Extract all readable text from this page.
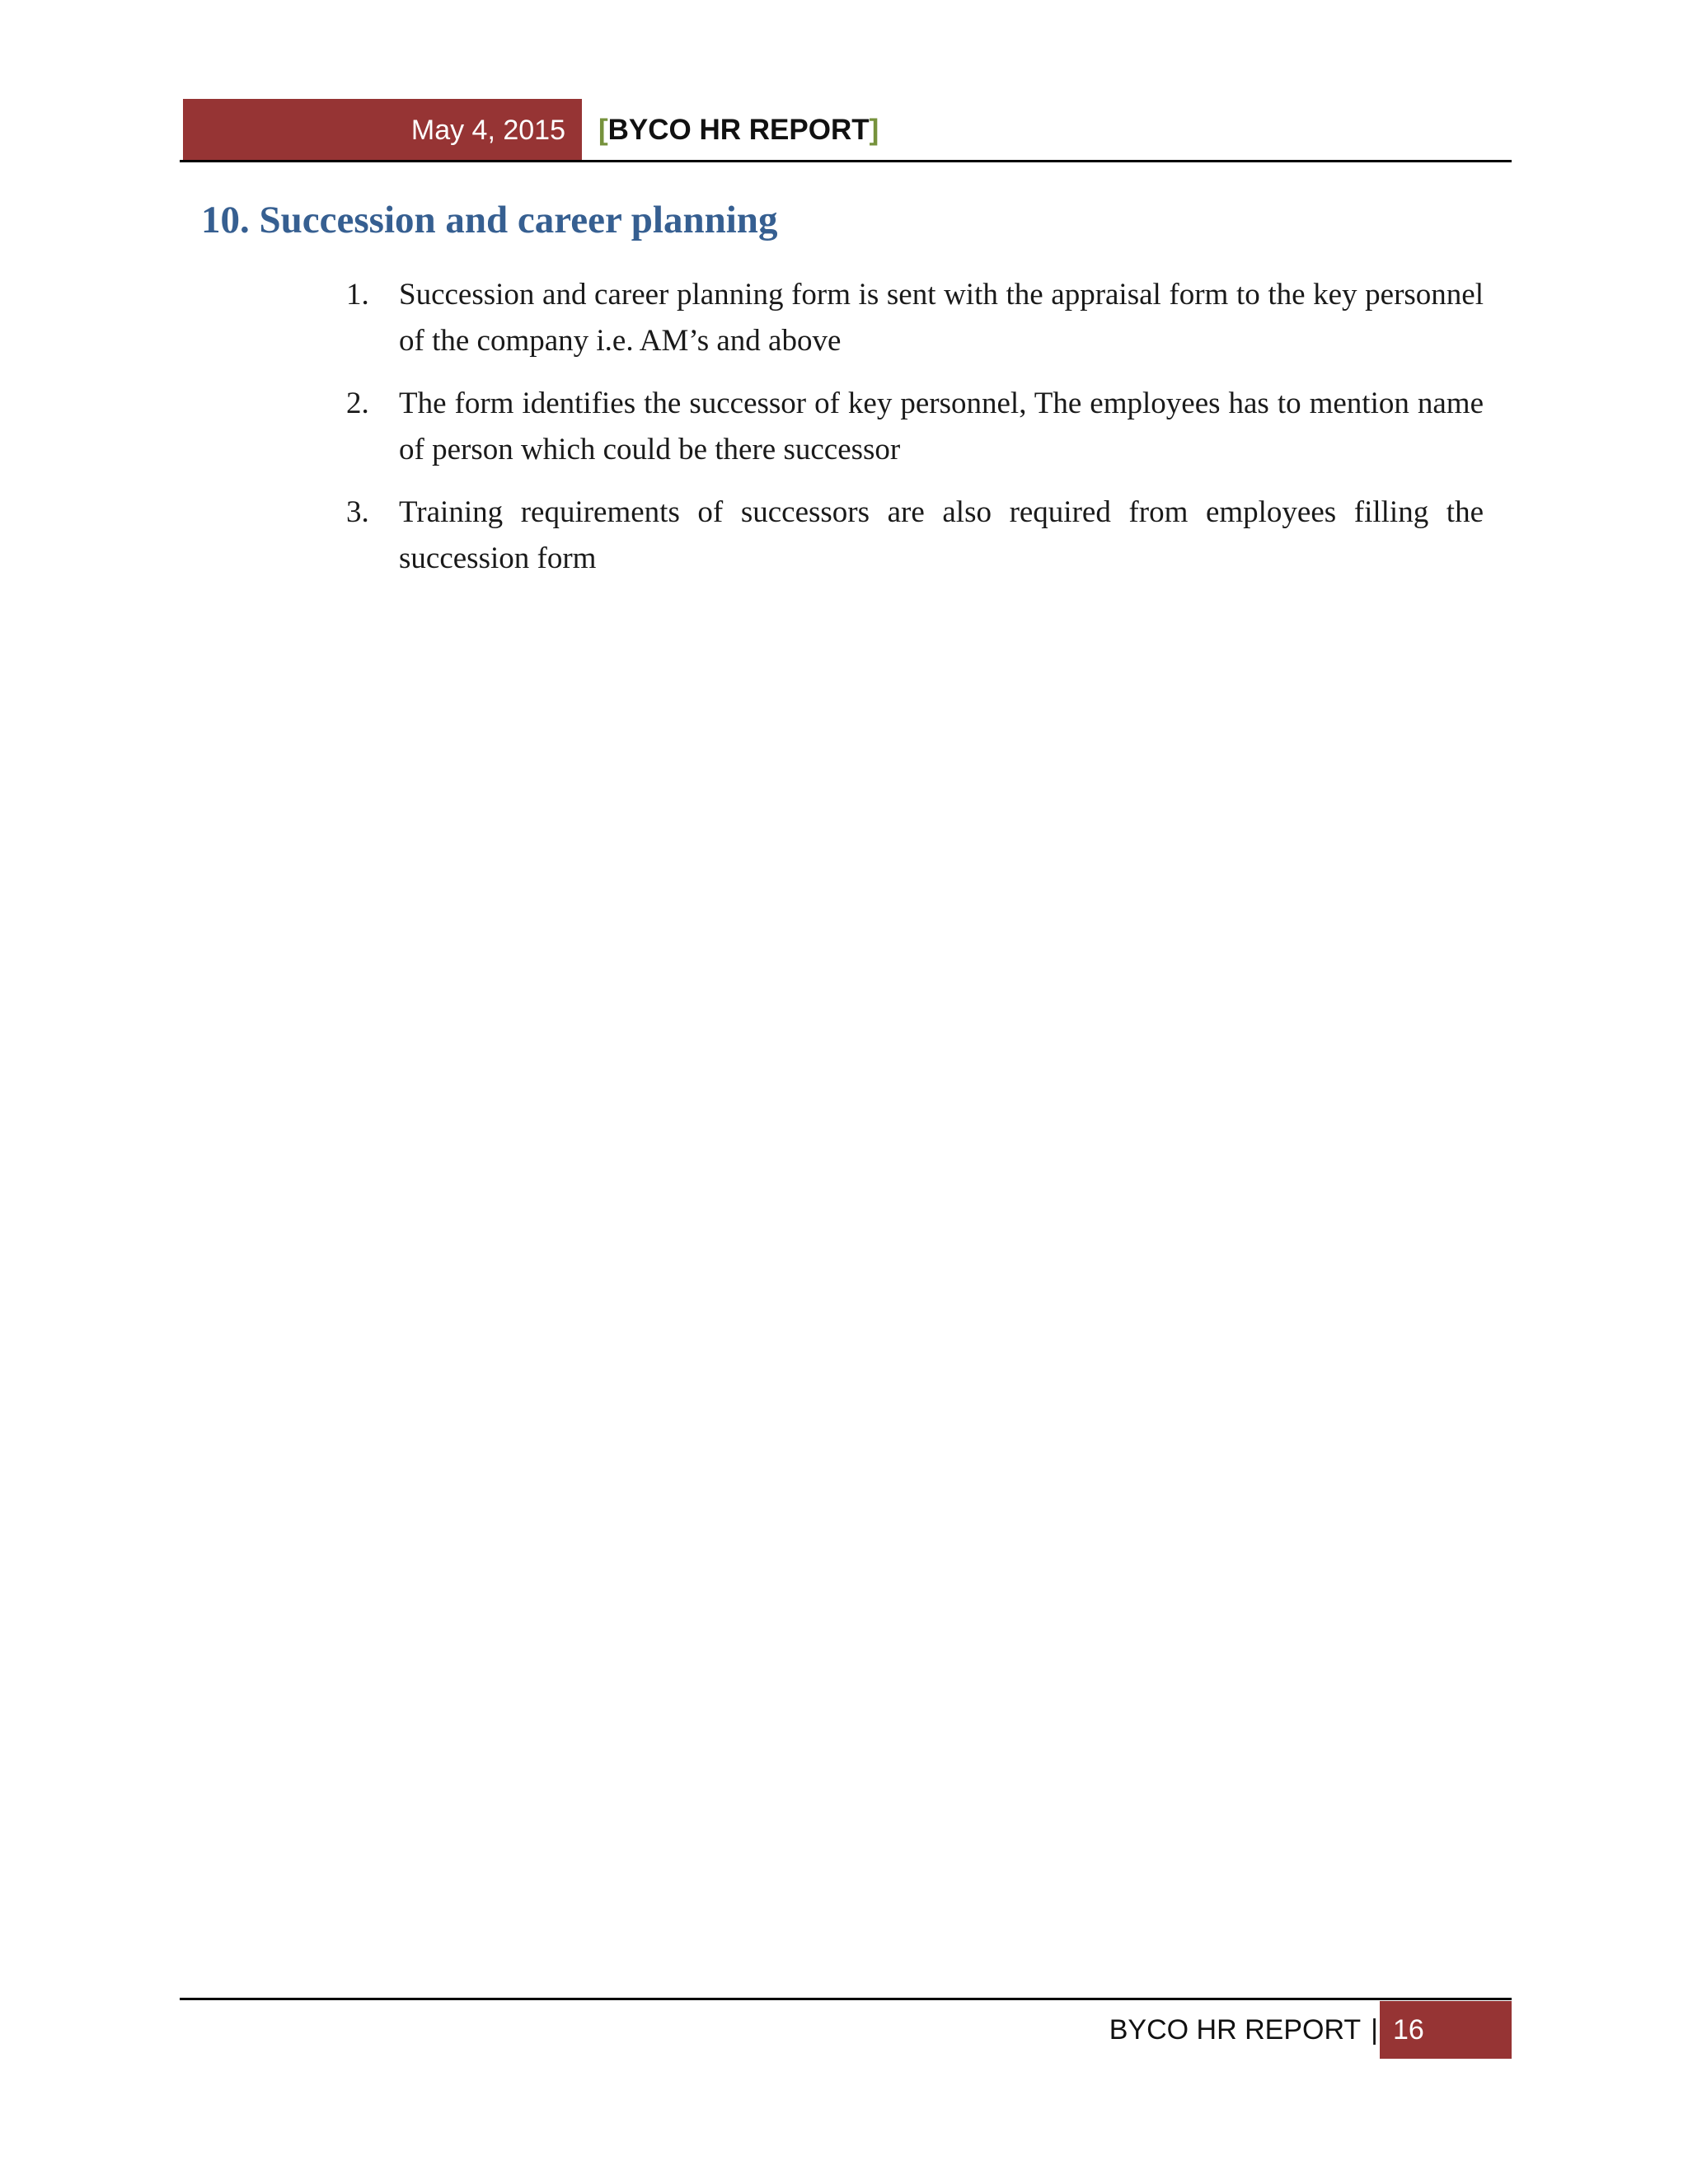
May 4, 2015 [ BYCO HR REPORT ]
10. Succession and career planning
1. Succession and career planning form is sent with the appraisal form to the key personnel of the company i.e. AM’s and above
2. The form identifies the successor of key personnel, The employees has to mention name of person which could be there successor
3. Training requirements of successors are also required from employees filling the succession form
BYCO HR REPORT | 16
